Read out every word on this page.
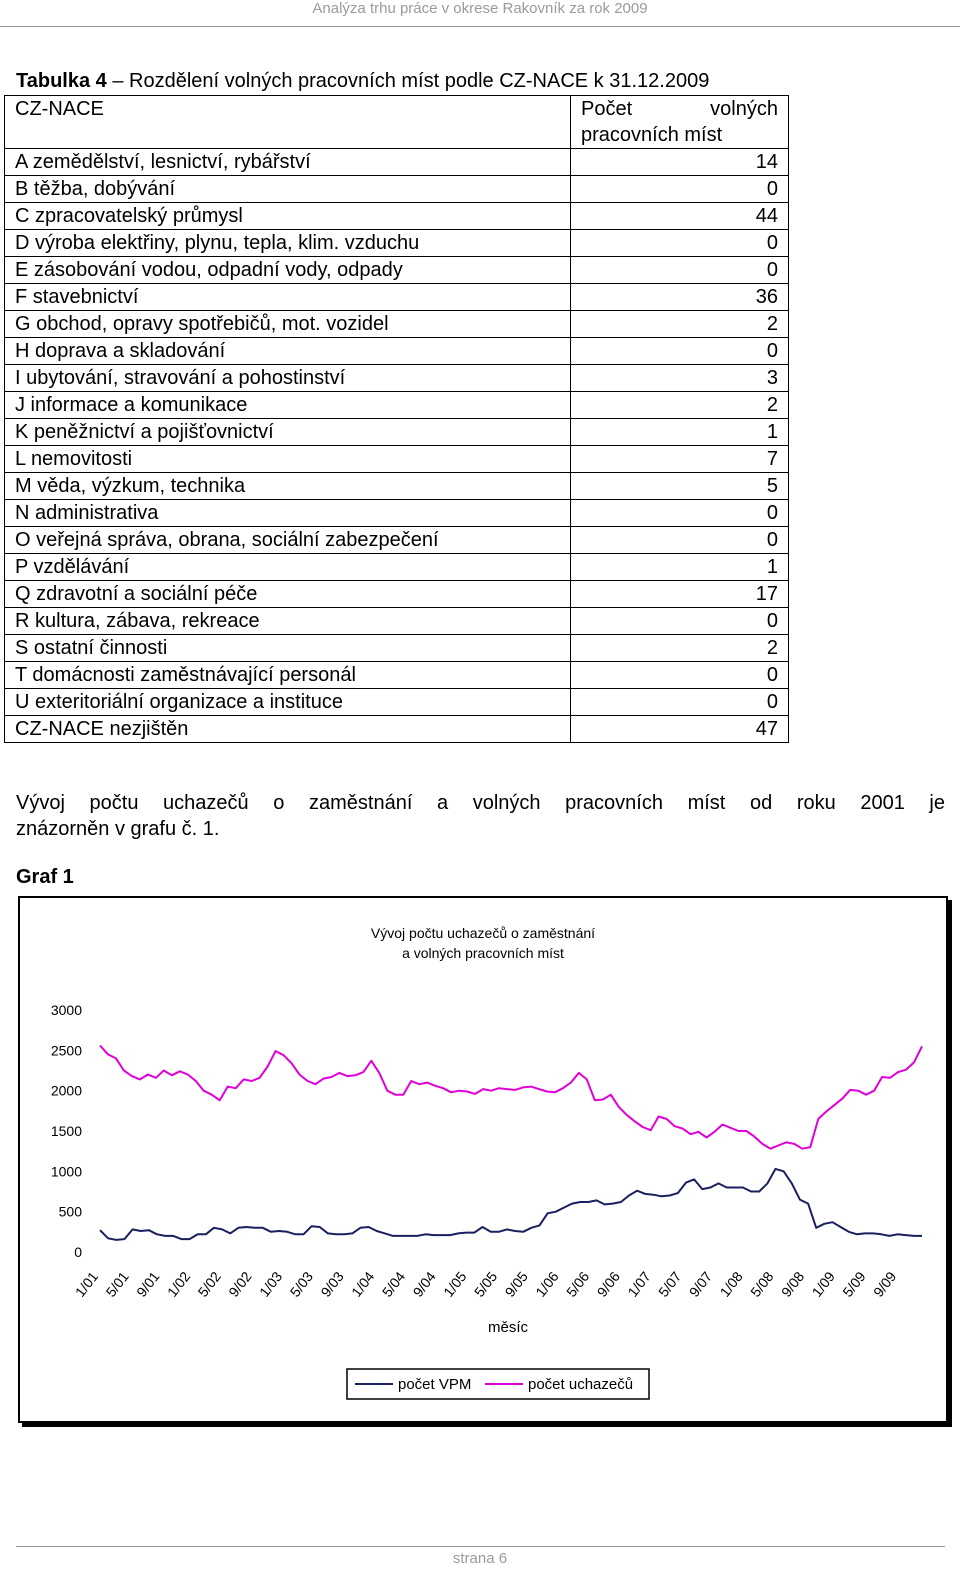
Analýza trhu práce v okrese Rakovník za rok 2009
Tabulka 4 – Rozdělení volných pracovních míst podle CZ-NACE k 31.12.2009
CZ-NACE	Počet volných pracovních míst
A zemědělství, lesnictví, rybářství	14
B těžba, dobývání	0
C zpracovatelský průmysl	44
D výroba elektřiny, plynu, tepla, klim. vzduchu	0
E zásobování vodou, odpadní vody, odpady	0
F stavebnictví	36
G obchod, opravy spotřebičů, mot. vozidel	2
H doprava a skladování	0
I ubytování, stravování a pohostinství	3
J informace a komunikace	2
K peněžnictví a pojišťovnictví	1
L nemovitosti	7
M věda, výzkum, technika	5
N administrativa	0
O veřejná správa, obrana, sociální zabezpečení	0
P vzdělávání	1
Q zdravotní a sociální péče	17
R kultura, zábava, rekreace	0
S ostatní činnosti	2
T domácnosti zaměstnávající personál	0
U exteritoriální organizace a instituce	0
CZ-NACE nezjištěn	47
Vývoj počtu uchazečů o zaměstnání a volných pracovních míst od roku 2001 je
znázorněn v grafu č. 1.
Graf 1
Vývoj počtu uchazečů o zaměstnání
a volných pracovních míst
0
500
1000
1500
2000
2500
3000
1/01 5/01 9/01 1/02 5/02 9/02 1/03 5/03 9/03 1/04 5/04 9/04 1/05 5/05 9/05 1/06 5/06 9/06 1/07 5/07 9/07 1/08 5/08 9/08 1/09 5/09 9/09
měsíc
počet VPM	počet uchazečů
strana 6
